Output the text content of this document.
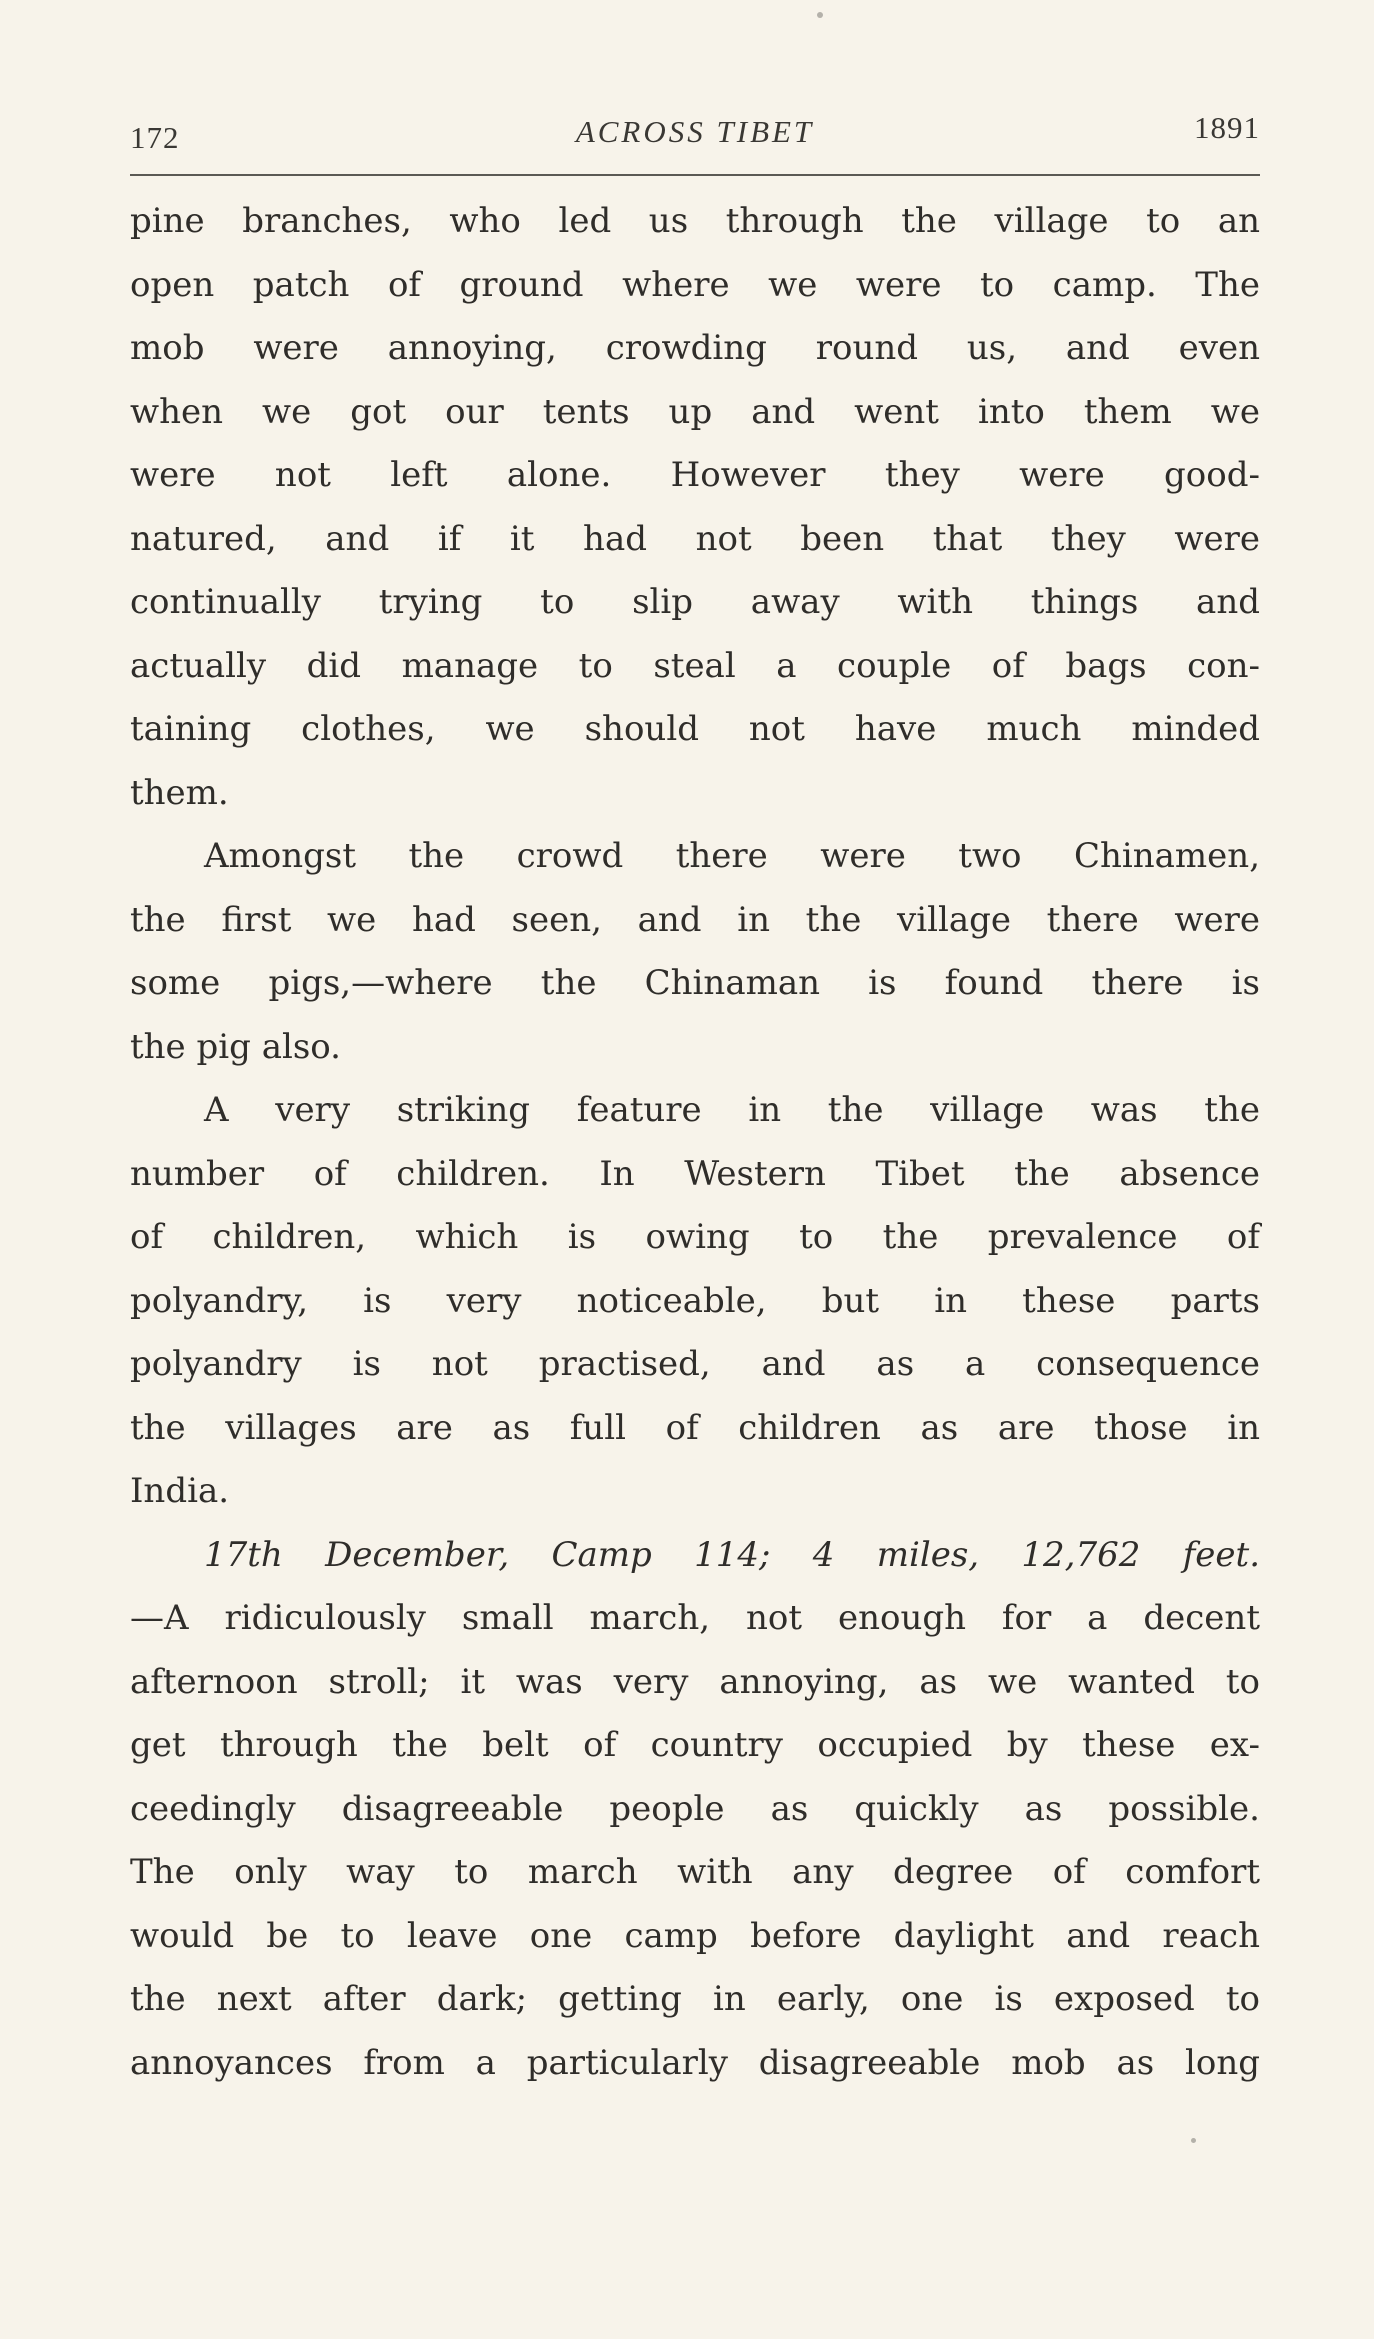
172	ACROSS TIBET	1891
pine branches, who led us through the village to an
open patch of ground where we were to camp. The
mob were annoying, crowding round us, and even
when we got our tents up and went into them we
were not left alone. However they were good-
natured, and if it had not been that they were
continually trying to slip away with things and
actually did manage to steal a couple of bags con-
taining clothes, we should not have much minded
them.
Amongst the crowd there were two Chinamen,
the first we had seen, and in the village there were
some pigs,—where the Chinaman is found there is
the pig also.
A very striking feature in the village was the
number of children. In Western Tibet the absence
of children, which is owing to the prevalence of
polyandry, is very noticeable, but in these parts
polyandry is not practised, and as a consequence
the villages are as full of children as are those in
India.
17th December, Camp 114; 4 miles, 12,762 feet.
—A ridiculously small march, not enough for a decent
afternoon stroll; it was very annoying, as we wanted to
get through the belt of country occupied by these ex-
ceedingly disagreeable people as quickly as possible.
The only way to march with any degree of comfort
would be to leave one camp before daylight and reach
the next after dark; getting in early, one is exposed to
annoyances from a particularly disagreeable mob as long
